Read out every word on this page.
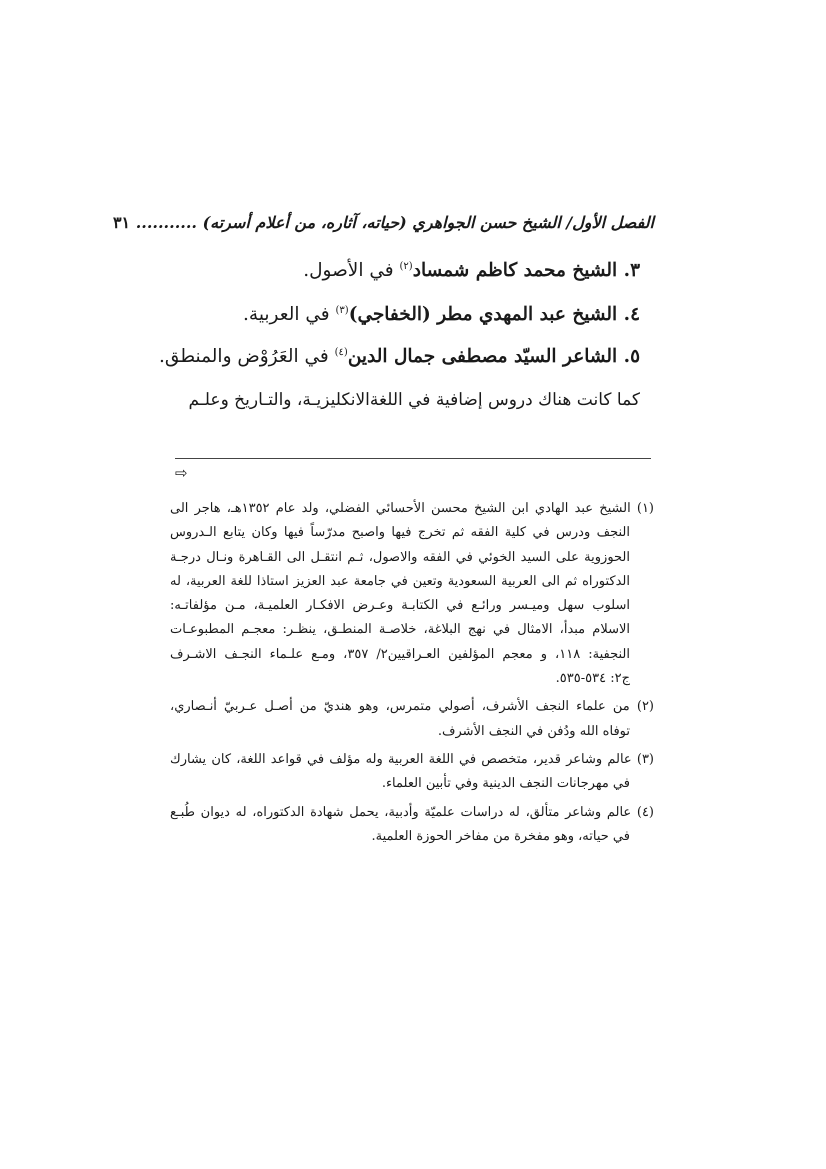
الفصل الأول/ الشيخ حسن الجواهري (حياته، آثاره، من أعلام أسرته) ........... ٣١
٣. الشيخ محمد كاظم شمساد$^{(٢)}$ في الأصول.
٤. الشيخ عبد المهدي مطر (الخفاجي)$^{(٣)}$ في العربية.
٥. الشاعر السيّد مصطفى جمال الدين$^{(٤)}$ في العَرُوْض والمنطق.
كما كانت هناك دروس إضافية في اللغةالانكليزيـة، والتـاريخ وعلـم
⇨
(١) الشيخ عبد الهادي ابن الشيخ محسن الأحسائي الفضلي، ولد عام ١٣٥٢هـ، هاجر الى
النجف ودرس في كلية الفقه ثم تخرج فيها واصبح مدرّساً فيها وكان يتابع الـدروس
الحوزوية على السيد الخوئي في الفقه والاصول، ثـم انتقـل الى القـاهرة ونـال درجـة
الدكتوراه ثم الى العربية السعودية وتعين في جامعة عبد العزيز استاذا للغة العربية، له
اسلوب سهل وميـسر ورائـع في الكتابـة وعـرض الافكـار العلميـة، مـن مؤلفاتـه:
الاسلام مبدأ، الامثال في نهج البلاغة، خلاصـة المنطـق، ينظـر: معجـم المطبوعـات
النجفية: ١١٨، و معجم المؤلفين العـراقيين٢/ ٣٥٧، ومـع علـماء النجـف الاشـرف
ج٢: ٥٣٤-٥٣٥.
(٢) من علماء النجف الأشرف، أصولي متمرس، وهو هنديّ من أصـل عـربيّ أنـصاري،
توفاه الله ودُفن في النجف الأشرف.
(٣) عالم وشاعر قدير، متخصص في اللغة العربية وله مؤلف في قواعد اللغة، كان يشارك
في مهرجانات النجف الدينية وفي تأبين العلماء.
(٤) عالم وشاعر متألق، له دراسات علميّة وأدبية، يحمل شهادة الدكتوراه، له ديوان طُبـع
في حياته، وهو مفخرة من مفاخر الحوزة العلمية.
